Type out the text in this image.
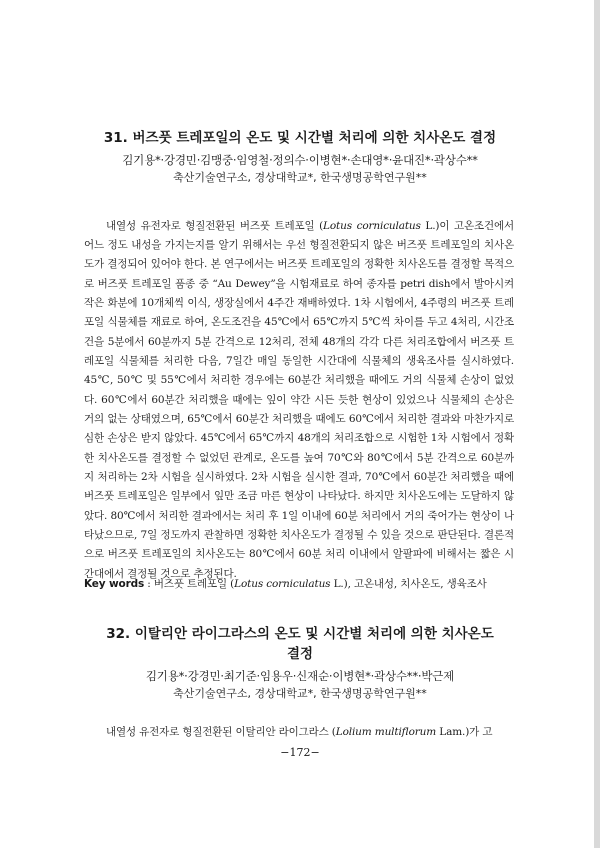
31. 버즈풋 트레포일의 온도 및 시간별 처리에 의한 치사온도 결정
김기용*·강경민·김맹중·임영철·정의수·이병현*·손대영*·윤대진*·곽상수**
축산기술연구소, 경상대학교*, 한국생명공학연구원**

내열성 유전자로 형질전환된 버즈풋 트레포일 (Lotus corniculatus L.)이 고온조건에서 어느 정도 내성을 가지는지를 알기 위해서는 우선 형질전환되지 않은 버즈풋 트레포일의 치사온도가 결정되어 있어야 한다. 본 연구에서는 버즈풋 트레포일의 정확한 치사온도를 결정할 목적으로 버즈풋 트레포일 품종 중 “Au Dewey”을 시험재료로 하여 종자를 petri dish에서 발아시켜 작은 화분에 10개체씩 이식, 생장실에서 4주간 재배하였다. 1차 시험에서, 4주령의 버즈풋 트레포일 식물체를 재료로 하여, 온도조건을 45℃에서 65℃까지 5℃씩 차이를 두고 4처리, 시간조건을 5분에서 60분까지 5분 간격으로 12처리, 전체 48개의 각각 다른 처리조합에서 버즈풋 트레포일 식물체를 처리한 다음, 7일간 매일 동일한 시간대에 식물체의 생육조사를 실시하였다. 45℃, 50℃ 및 55℃에서 처리한 경우에는 60분간 처리했을 때에도 거의 식물체 손상이 없었다. 60℃에서 60분간 처리했을 때에는 잎이 약간 시든 듯한 현상이 있었으나 식물체의 손상은 거의 없는 상태였으며, 65℃에서 60분간 처리했을 때에도 60℃에서 처리한 결과와 마찬가지로 심한 손상은 받지 않았다. 45℃에서 65℃까지 48개의 처리조합으로 시험한 1차 시험에서 정확한 치사온도를 결정할 수 없었던 관계로, 온도를 높여 70℃와 80℃에서 5분 간격으로 60분까지 처리하는 2차 시험을 실시하였다. 2차 시험을 실시한 결과, 70℃에서 60분간 처리했을 때에 버즈풋 트레포일은 일부에서 잎만 조금 마른 현상이 나타났다. 하지만 치사온도에는 도달하지 않았다. 80℃에서 처리한 결과에서는 처리 후 1일 이내에 60분 처리에서 거의 죽어가는 현상이 나타났으므로, 7일 정도까지 관찰하면 정확한 치사온도가 결정될 수 있을 것으로 판단된다. 결론적으로 버즈풋 트레포일의 치사온도는 80℃에서 60분 처리 이내에서 알팔파에 비해서는 짧은 시간대에서 결정될 것으로 추정된다.

Key words : 버즈풋 트레포일 (Lotus corniculatus L.), 고온내성, 치사온도, 생육조사
32. 이탈리안 라이그라스의 온도 및 시간별 처리에 의한 치사온도
결정
김기용*·강경민·최기준·임용우·신재순·이병현*·곽상수**·박근제
축산기술연구소, 경상대학교*, 한국생명공학연구원**

내열성 유전자로 형질전환된 이탈리안 라이그라스 (Lolium multiflorum Lam.)가 고

−172−
